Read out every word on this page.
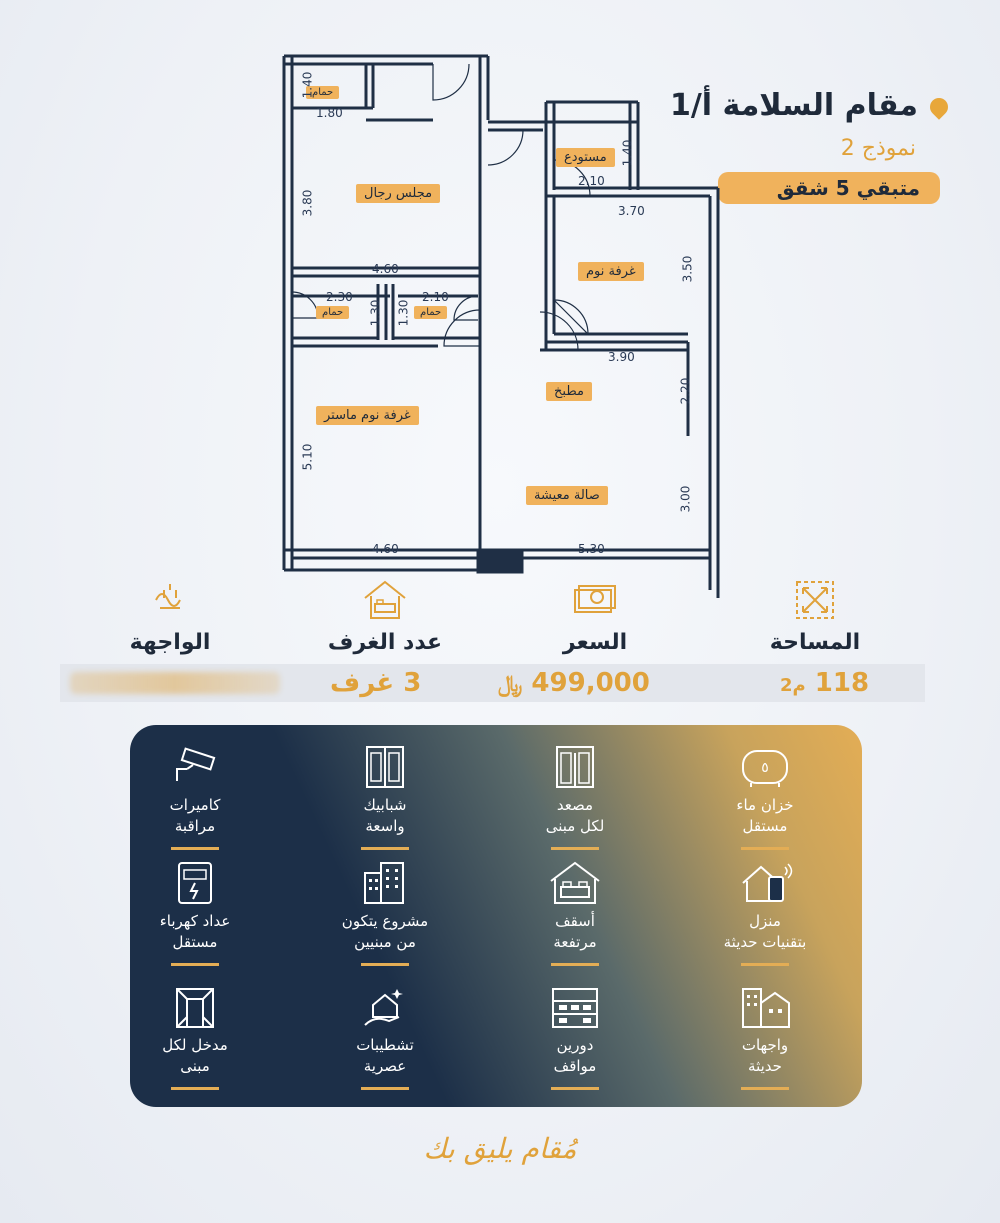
مقام السلامة أ/1
نموذج 2
متبقي 5 شقق
حمام
مجلس رجال
مستودع
غرفة نوم
حمام	حمام
مطبخ
غرفة نوم ماستر
صالة معيشة
1.40
1.80
3.80
4.60
2.30
1.30 1.30
2.10
5.10
4.60	5.30
1.40
2.10
3.70
3.50
3.90
2.20
3.00
المساحة
السعر
عدد الغرف
الواجهة
118 م2
499,000 ﷼
3 غرف
٥
خزان ماء
مستقل
مصعد
لكل مبنى
شبابيك
واسعة
كاميرات
مراقبة
منزل
بتقنيات حديثة
أسقف
مرتفعة
مشروع يتكون
من مبنيين
عداد كهرباء
مستقل
واجهات
حديثة
دورين
مواقف
تشطيبات
عصرية
مدخل لكل
مبنى
مُقام يليق بك
